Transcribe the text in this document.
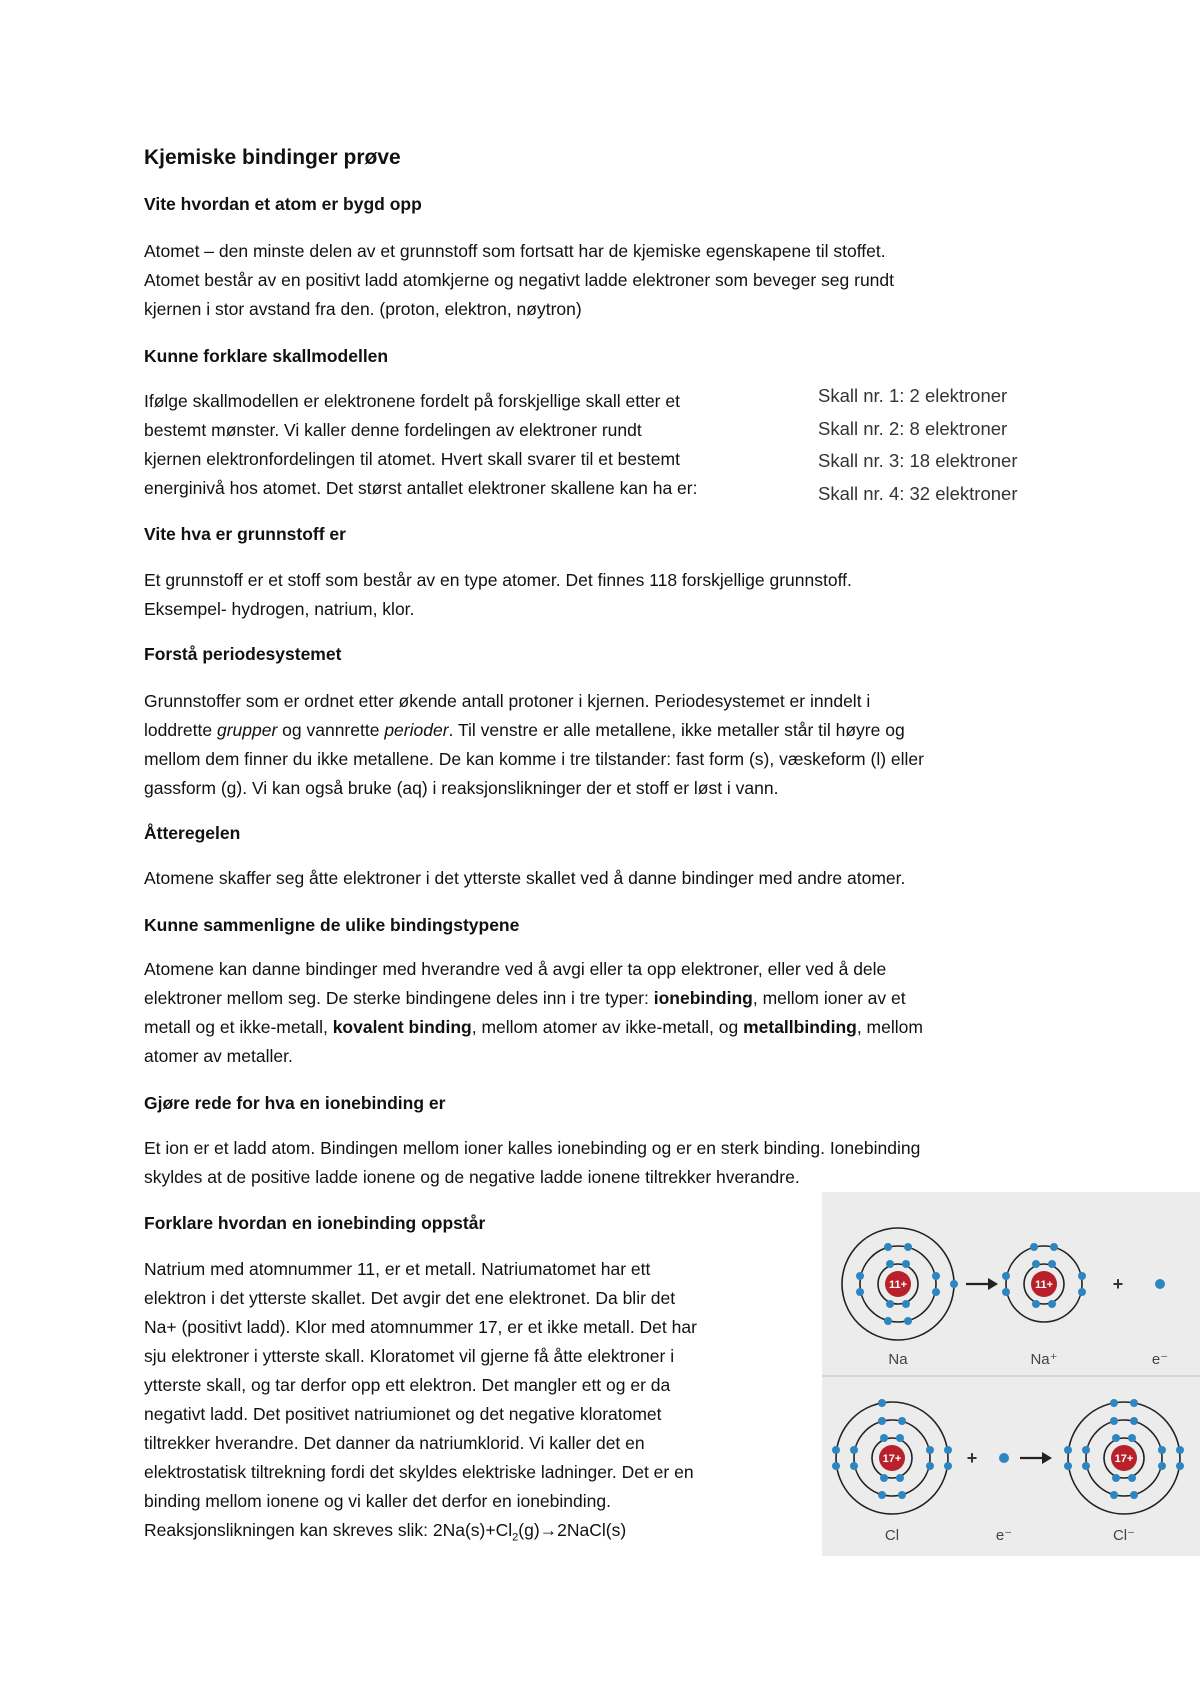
Kjemiske bindinger prøve
Vite hvordan et atom er bygd opp

Atomet – den minste delen av et grunnstoff som fortsatt har de kjemiske egenskapene til stoffet.

Atomet består av en positivt ladd atomkjerne og negativt ladde elektroner som beveger seg rundt

kjernen i stor avstand fra den. (proton, elektron, nøytron)

Kunne forklare skallmodellen

Ifølge skallmodellen er elektronene fordelt på forskjellige skall etter et

bestemt mønster. Vi kaller denne fordelingen av elektroner rundt

kjernen elektronfordelingen til atomet. Hvert skall svarer til et bestemt

energinivå hos atomet. Det størst antallet elektroner skallene kan ha er:

Skall nr. 1: 2 elektroner
Skall nr. 2: 8 elektroner
Skall nr. 3: 18 elektroner
Skall nr. 4: 32 elektroner
Vite hva er grunnstoff er

Et grunnstoff er et stoff som består av en type atomer. Det finnes 118 forskjellige grunnstoff.

Eksempel- hydrogen, natrium, klor.

Forstå periodesystemet

Grunnstoffer som er ordnet etter økende antall protoner i kjernen. Periodesystemet er inndelt i

loddrette grupper og vannrette perioder. Til venstre er alle metallene, ikke metaller står til høyre og

mellom dem finner du ikke metallene. De kan komme i tre tilstander: fast form (s), væskeform (l) eller

gassform (g). Vi kan også bruke (aq) i reaksjonslikninger der et stoff er løst i vann.

Åtteregelen

Atomene skaffer seg åtte elektroner i det ytterste skallet ved å danne bindinger med andre atomer.

Kunne sammenligne de ulike bindingstypene

Atomene kan danne bindinger med hverandre ved å avgi eller ta opp elektroner, eller ved å dele

elektroner mellom seg. De sterke bindingene deles inn i tre typer: ionebinding, mellom ioner av et

metall og et ikke-metall, kovalent binding, mellom atomer av ikke-metall, og metallbinding, mellom

atomer av metaller.

Gjøre rede for hva en ionebinding er

Et ion er et ladd atom. Bindingen mellom ioner kalles ionebinding og er en sterk binding. Ionebinding

skyldes at de positive ladde ionene og de negative ladde ionene tiltrekker hverandre.

Forklare hvordan en ionebinding oppstår

Natrium med atomnummer 11, er et metall. Natriumatomet har ett

elektron i det ytterste skallet. Det avgir det ene elektronet. Da blir det

Na+ (positivt ladd). Klor med atomnummer 17, er et ikke metall. Det har

sju elektroner i ytterste skall. Kloratomet vil gjerne få åtte elektroner i

ytterste skall, og tar derfor opp ett elektron. Det mangler ett og er da

negativt ladd. Det positivet natriumionet og det negative kloratomet

tiltrekker hverandre. Det danner da natriumklorid. Vi kaller det en

elektrostatisk tiltrekning fordi det skyldes elektriske ladninger. Det er en

binding mellom ionene og vi kaller det derfor en ionebinding.

Reaksjonslikningen kan skreves slik: $2Na(s)+Cl_2(g)\to 2NaCl(s)$

11+	11+	+
Na	Na⁺	e⁻
17+	+	17+
Cl	e⁻	Cl⁻
